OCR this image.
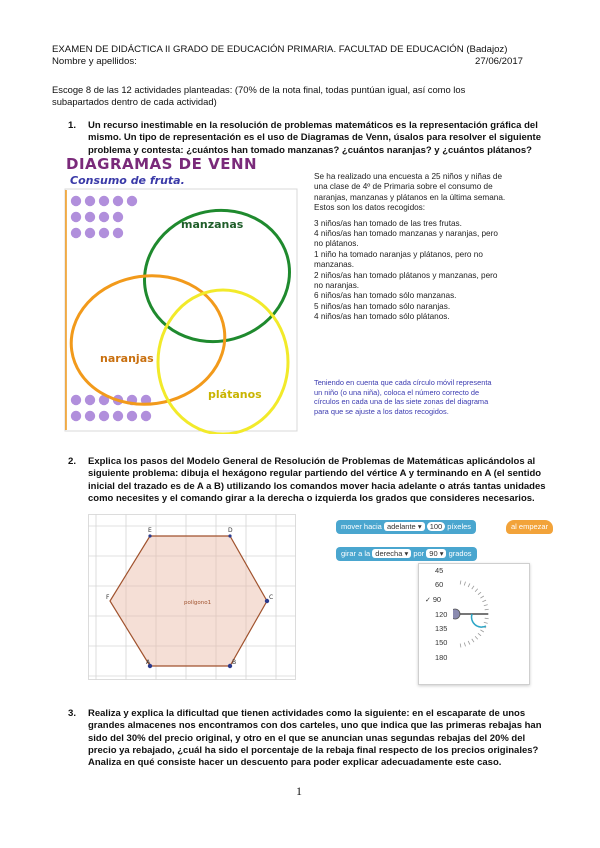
EXAMEN DE DIDÁCTICA II GRADO DE EDUCACIÓN PRIMARIA. FACULTAD DE EDUCACIÓN (Badajoz)
Nombre y apellidos:	27/06/2017
Escoge 8 de las 12 actividades planteadas: (70% de la nota final, todas puntúan igual, así como los
subapartados dentro de cada actividad)
1. Un recurso inestimable en la resolución de problemas matemáticos es la representación gráfica del
mismo. Un tipo de representación es el uso de Diagramas de Venn, úsalos para resolver el siguiente
problema y contesta: ¿cuántos han tomado manzanas? ¿cuántos naranjas? y ¿cuántos plátanos?
DIAGRAMAS DE VENN
Consumo de fruta.
manzanas
naranjas
plátanos
Se ha realizado una encuesta a 25 niños y niñas de
una clase de 4º de Primaria sobre el consumo de
naranjas, manzanas y plátanos en la última semana.
Estos son los datos recogidos:
3 niños/as han tomado de las tres frutas.
4 niños/as han tomado manzanas y naranjas, pero
no plátanos.
1 niño ha tomado naranjas y plátanos, pero no
manzanas.
2 niños/as han tomado plátanos y manzanas, pero
no naranjas.
6 niños/as han tomado sólo manzanas.
5 niños/as han tomado sólo naranjas.
4 niños/as han tomado sólo plátanos.
Teniendo en cuenta que cada círculo móvil representa
un niño (o una niña), coloca el número correcto de
círculos en cada una de las siete zonas del diagrama
para que se ajuste a los datos recogidos.
2. Explica los pasos del Modelo General de Resolución de Problemas de Matemáticas aplicándolos al
siguiente problema: dibuja el hexágono regular partiendo del vértice A y terminando en A (el sentido
inicial del trazado es de A a B) utilizando los comandos mover hacia adelante o atrás tantas unidades
como necesites y el comando girar a la derecha o izquierda los grados que consideres necesarios.
polígono1
A	B
C
D
E
F
mover hacia adelante ▾ 100 píxeles	al empezar
girar a la derecha ▾ por 90 ▾ grados
45
60
✓ 90
120
135
150
180
3. Realiza y explica la dificultad que tienen actividades como la siguiente: en el escaparate de unos
grandes almacenes nos encontramos con dos carteles, uno que indica que las primeras rebajas han
sido del 30% del precio original, y otro en el que se anuncian unas segundas rebajas del 20% del
precio ya rebajado, ¿cuál ha sido el porcentaje de la rebaja final respecto de los precios originales?
Analiza en qué consiste hacer un descuento para poder explicar adecuadamente este caso.
1
